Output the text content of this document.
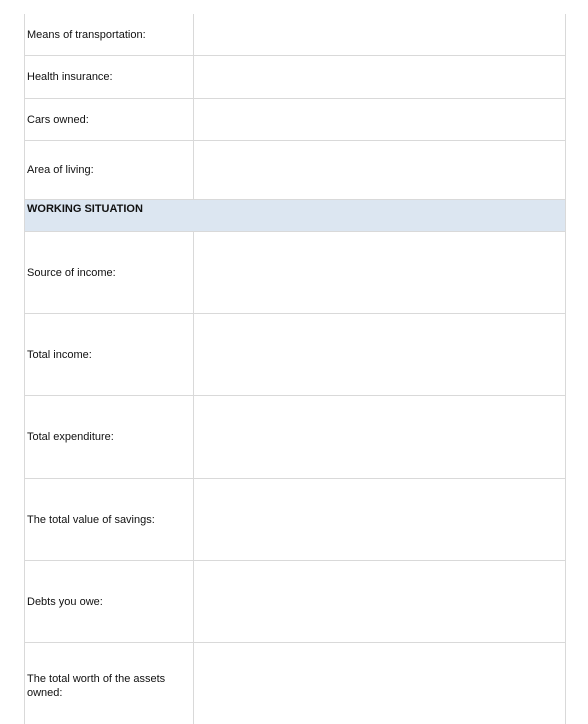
Means of transportation:
Health insurance:
Cars owned:
Area of living:
WORKING SITUATION
Source of income:
Total income:
Total expenditure:
The total value of savings:
Debts you owe:
The total worth of the assets owned:
